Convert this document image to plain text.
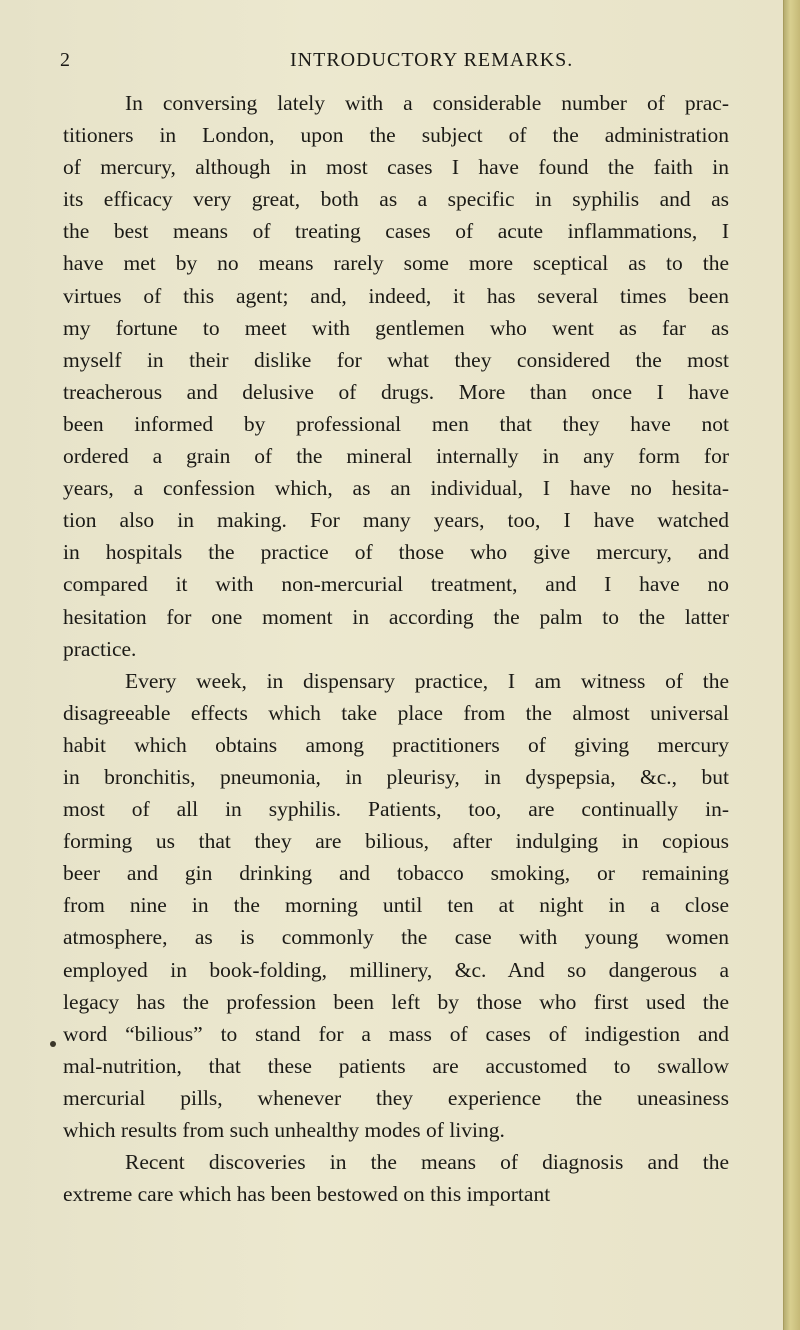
2	INTRODUCTORY REMARKS.
In conversing lately with a considerable number of prac-
titioners in London, upon the subject of the administration
of mercury, although in most cases I have found the faith in
its efficacy very great, both as a specific in syphilis and as
the best means of treating cases of acute inflammations, I
have met by no means rarely some more sceptical as to the
virtues of this agent; and, indeed, it has several times been
my fortune to meet with gentlemen who went as far as
myself in their dislike for what they considered the most
treacherous and delusive of drugs. More than once I have
been informed by professional men that they have not
ordered a grain of the mineral internally in any form for
years, a confession which, as an individual, I have no hesita-
tion also in making. For many years, too, I have watched
in hospitals the practice of those who give mercury, and
compared it with non-mercurial treatment, and I have no
hesitation for one moment in according the palm to the latter
practice.
Every week, in dispensary practice, I am witness of the
disagreeable effects which take place from the almost universal
habit which obtains among practitioners of giving mercury
in bronchitis, pneumonia, in pleurisy, in dyspepsia, &c., but
most of all in syphilis. Patients, too, are continually in-
forming us that they are bilious, after indulging in copious
beer and gin drinking and tobacco smoking, or remaining
from nine in the morning until ten at night in a close
atmosphere, as is commonly the case with young women
employed in book-folding, millinery, &c. And so dangerous a
legacy has the profession been left by those who first used the
word “bilious” to stand for a mass of cases of indigestion and
mal-nutrition, that these patients are accustomed to swallow
mercurial pills, whenever they experience the uneasiness
which results from such unhealthy modes of living.
Recent discoveries in the means of diagnosis and the
extreme care which has been bestowed on this important
